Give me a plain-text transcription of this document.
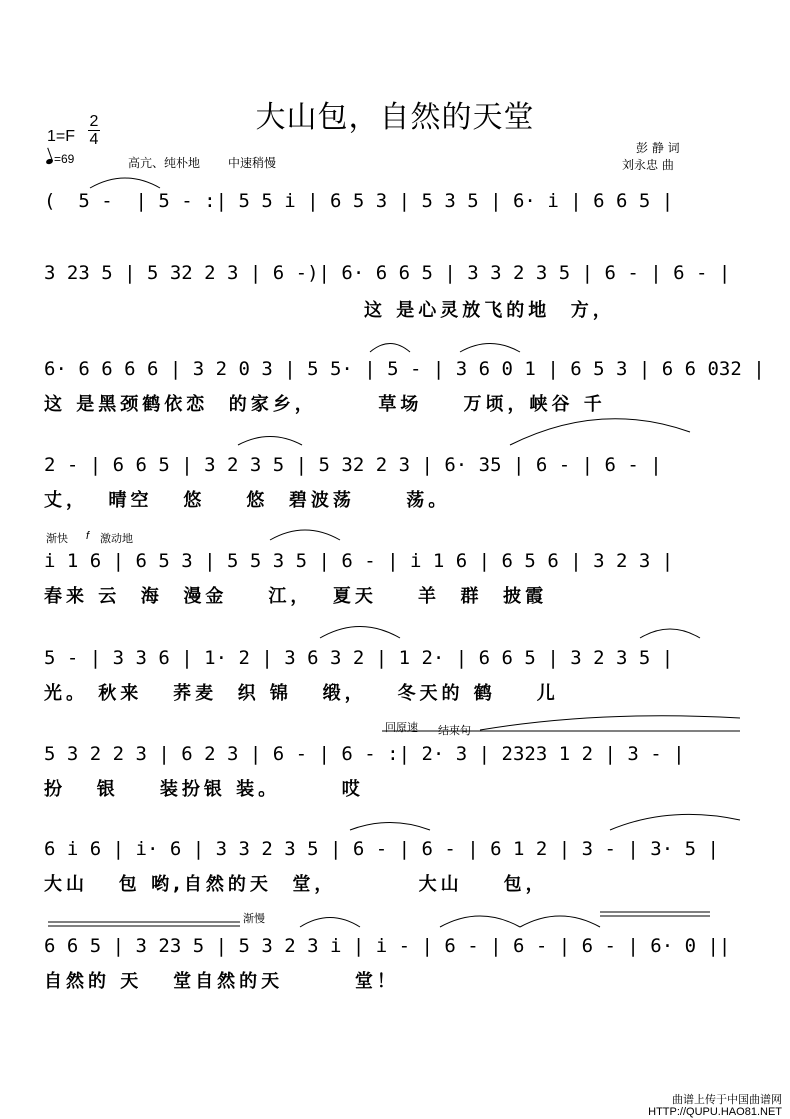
大山包，自然的天堂
1=F
2
4
=69	高亢、纯朴地 中速稍慢
彭 静 词
刘永忠 曲
渐快 f 激动地
回原速 结束句
渐慢
(  5 -  | 5 - :| 5 5 i | 6 5 3 | 5 3 5 | 6· i | 6 6 5 |
3 23 5 | 5 32 2 3 | 6 -)| 6· 6 6 5 | 3 3 2 3 5 | 6 - | 6 - |
这 是心灵放飞的地  方，
6· 6 6 6 6 | 3 2 0 3 | 5 5· | 5 - | 3 6 0 1 | 6 5 3 | 6 6 032 |
这 是黑颈鹤依恋  的家乡，      草场    万顷，峡谷 千
2 - | 6 6 5 | 3 2 3 5 | 5 32 2 3 | 6· 35 | 6 - | 6 - |
丈，  晴空   悠    悠  碧波荡     荡。
i 1 6 | 6 5 3 | 5 5 3 5 | 6 - | i 1 6 | 6 5 6 | 3 2 3 |
春来 云  海  漫金    江，  夏天    羊  群  披霞
5 - | 3 3 6 | 1· 2 | 3 6 3 2 | 1 2· | 6 6 5 | 3 2 3 5 |
光。 秋来   荞麦  织 锦   缎，   冬天的 鹤    儿
5 3 2 2 3 | 6 2 3 | 6 - | 6 - :| 2· 3 | 2323 1 2 | 3 - |
扮   银    装扮银 装。      哎
6 i 6 | i· 6 | 3 3 2 3 5 | 6 - | 6 - | 6 1 2 | 3 - | 3· 5 |
大山   包 哟,自然的天  堂，        大山    包，
6 6 5 | 3 23 5 | 5 3 2 3 i | i - | 6 - | 6 - | 6 - | 6· 0 ||
自然的 天   堂自然的天       堂！
曲谱上传于中国曲谱网
HTTP://QUPU.HAO81.NET
